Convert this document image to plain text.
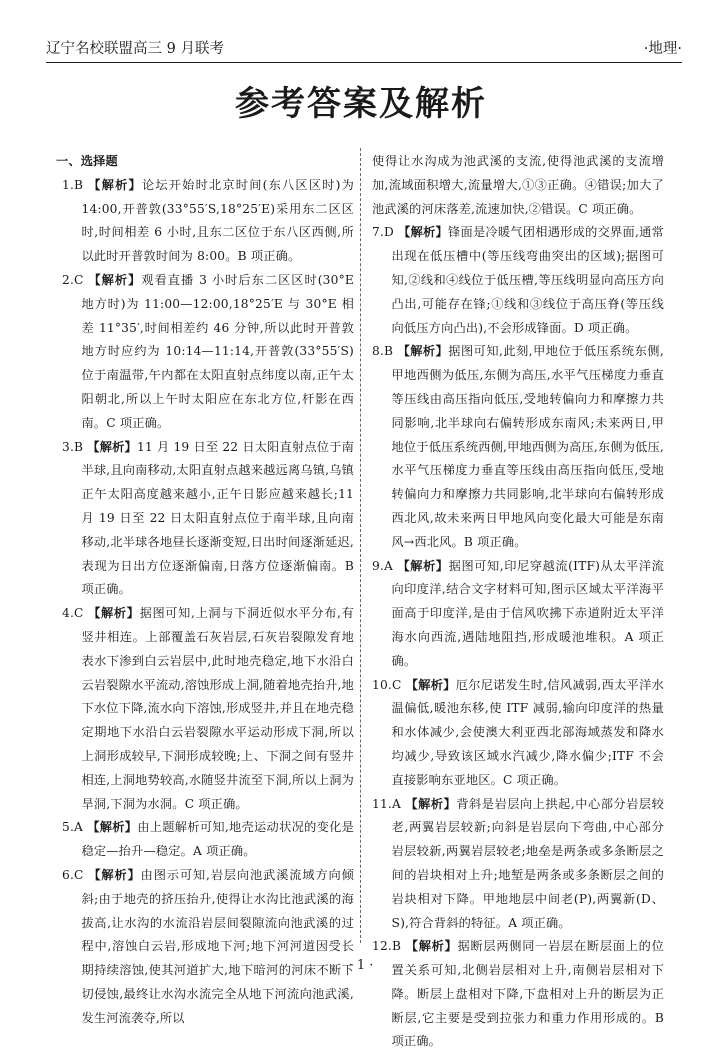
辽宁名校联盟高三 9 月联考	·地理·
参考答案及解析
一、选择题

1.B 【解析】论坛开始时北京时间(东八区区时)为 14:00,开普敦(33°55′S,18°25′E)采用东二区区时,时间相差 6 小时,且东二区位于东八区西侧,所以此时开普敦时间为 8:00。B 项正确。

2.C 【解析】观看直播 3 小时后东二区区时(30°E 地方时)为 11:00—12:00,18°25′E 与 30°E 相差 11°35′,时间相差约 46 分钟,所以此时开普敦地方时应约为 10:14—11:14,开普敦(33°55′S)位于南温带,午内都在太阳直射点纬度以南,正午太阳朝北,所以上午时太阳应在东北方位,杆影在西南。C 项正确。

3.B 【解析】11 月 19 日至 22 日太阳直射点位于南半球,且向南移动,太阳直射点越来越远离乌镇,乌镇正午太阳高度越来越小,正午日影应越来越长;11 月 19 日至 22 日太阳直射点位于南半球,且向南移动,北半球各地昼长逐渐变短,日出时间逐渐延迟,表现为日出方位逐渐偏南,日落方位逐渐偏南。B 项正确。

4.C 【解析】据图可知,上洞与下洞近似水平分布,有竖井相连。上部覆盖石灰岩层,石灰岩裂隙发育地表水下渗到白云岩层中,此时地壳稳定,地下水沿白云岩裂隙水平流动,溶蚀形成上洞,随着地壳抬升,地下水位下降,流水向下溶蚀,形成竖井,并且在地壳稳定期地下水沿白云岩裂隙水平运动形成下洞,所以上洞形成较早,下洞形成较晚;上、下洞之间有竖井相连,上洞地势较高,水随竖井流至下洞,所以上洞为旱洞,下洞为水洞。C 项正确。

5.A 【解析】由上题解析可知,地壳运动状况的变化是稳定—抬升—稳定。A 项正确。

6.C 【解析】由图示可知,岩层向池武溪流域方向倾斜;由于地壳的挤压抬升,使得让水沟比池武溪的海拔高,让水沟的水流沿岩层间裂隙流向池武溪的过程中,溶蚀白云岩,形成地下河;地下河河道因受长期持续溶蚀,使其河道扩大,地下暗河的河床不断下切侵蚀,最终让水沟水流完全从地下河流向池武溪,发生河流袭夺,所以

使得让水沟成为池武溪的支流,使得池武溪的支流增加,流域面积增大,流量增大,①③正确。④错误;加大了池武溪的河床落差,流速加快,②错误。C 项正确。

7.D 【解析】锋面是冷暖气团相遇形成的交界面,通常出现在低压槽中(等压线弯曲突出的区域);据图可知,②线和④线位于低压槽,等压线明显向高压方向凸出,可能存在锋;①线和③线位于高压脊(等压线向低压方向凸出),不会形成锋面。D 项正确。

8.B 【解析】据图可知,此刻,甲地位于低压系统东侧,甲地西侧为低压,东侧为高压,水平气压梯度力垂直等压线由高压指向低压,受地转偏向力和摩擦力共同影响,北半球向右偏转形成东南风;未来两日,甲地位于低压系统西侧,甲地西侧为高压,东侧为低压,水平气压梯度力垂直等压线由高压指向低压,受地转偏向力和摩擦力共同影响,北半球向右偏转形成西北风,故未来两日甲地风向变化最大可能是东南风→西北风。B 项正确。

9.A 【解析】据图可知,印尼穿越流(ITF)从太平洋流向印度洋,结合文字材料可知,图示区域太平洋海平面高于印度洋,是由于信风吹拂下赤道附近太平洋海水向西流,遇陆地阻挡,形成暖池堆积。A 项正确。

10.C 【解析】厄尔尼诺发生时,信风减弱,西太平洋水温偏低,暖池东移,使 ITF 减弱,输向印度洋的热量和水体减少,会使澳大利亚西北部海域蒸发和降水均减少,导致该区域水汽减少,降水偏少;ITF 不会直接影响东亚地区。C 项正确。

11.A 【解析】背斜是岩层向上拱起,中心部分岩层较老,两翼岩层较新;向斜是岩层向下弯曲,中心部分岩层较新,两翼岩层较老;地垒是两条或多条断层之间的岩块相对上升;地堑是两条或多条断层之间的岩块相对下降。甲地地层中间老(P),两翼新(D、S),符合背斜的特征。A 项正确。

12.B 【解析】据断层两侧同一岩层在断层面上的位置关系可知,北侧岩层相对上升,南侧岩层相对下降。断层上盘相对下降,下盘相对上升的断层为正断层,它主要是受到拉张力和重力作用形成的。B 项正确。

· 1 ·
